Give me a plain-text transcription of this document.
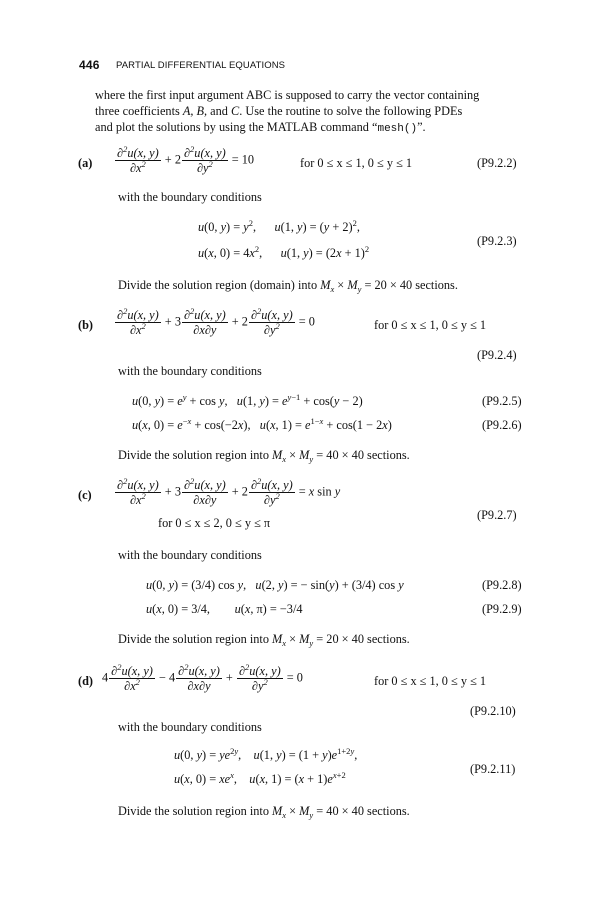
446 PARTIAL DIFFERENTIAL EQUATIONS
where the first input argument ABC is supposed to carry the vector containing
three coefficients A, B, and C. Use the routine to solve the following PDEs
and plot the solutions by using the MATLAB command “mesh()”.
$(a) \frac{\partial^2u(x, y)}{\partial x^2} + 2 \frac{\partial^2u(x, y)}{\partial y^2} = 10$	for 0 ≤ x ≤ 1, 0 ≤ y ≤ 1	(P9.2.2)
with the boundary conditions
u(0, $y) = y^2$,      u(1, $y) = (y + 2)^2$,
u(x, $0) = 4x^2$,      u(1, $y) = (2x + 1)^2$
(P9.2.3)
Divide the solution region (domain) into $M_x \times M_y = 20 \times 40$ sections.
$(b) \frac{\partial^2u(x, y)}{\partial x^2} + 3 \frac{\partial^2u(x, y)}{\partial x\partial y} + 2 \frac{\partial^2u(x, y)}{\partial y^2} = 0$	for 0 ≤ x ≤ 1, 0 ≤ y ≤ 1
(P9.2.4)
with the boundary conditions
u(0, $y) = e^y + \cos y$,   u(1, $y) = e^{y-1} + \cos(y - 2)$	(P9.2.5)
u(x, $0) = e^{-x} + \cos(-2x)$,   u(x, $1) = e^{1-x} + \cos(1 - 2x)$	(P9.2.6)
Divide the solution region into $M_x \times M_y = 40 \times 40$ sections.
$(c) \frac{\partial^2u(x, y)}{\partial x^2} + 3 \frac{\partial^2u(x, y)}{\partial x\partial y} + 2 \frac{\partial^2u(x, y)}{\partial y^2} = x$ sin y
for 0 ≤ x ≤ 2, 0 ≤ y ≤ π
(P9.2.7)
with the boundary conditions
u(0, y) = (3/4) cos y,   u(2, y) = − sin(y) + (3/4) cos y	(P9.2.8)
u(x, 0) = 3/4,        u(x, π) = −3/4	(P9.2.9)
Divide the solution region into $M_x \times M_y = 20 \times 40$ sections.
(d) $4 \frac{\partial^2u(x, y)}{\partial x^2} - 4 \frac{\partial^2u(x, y)}{\partial x\partial y} + \frac{\partial^2u(x, y)}{\partial y^2} = 0$	for 0 ≤ x ≤ 1, 0 ≤ y ≤ 1
(P9.2.10)
with the boundary conditions
u(0, $y) = ye^{2y}$,    u(1, $y) = (1 + y)e^{1+2y}$,
u(x, $0) = xe^x$,    u(x, $1) = (x + 1)e^{x+2}$	(P9.2.11)
Divide the solution region into $M_x \times M_y = 40 \times 40$ sections.
